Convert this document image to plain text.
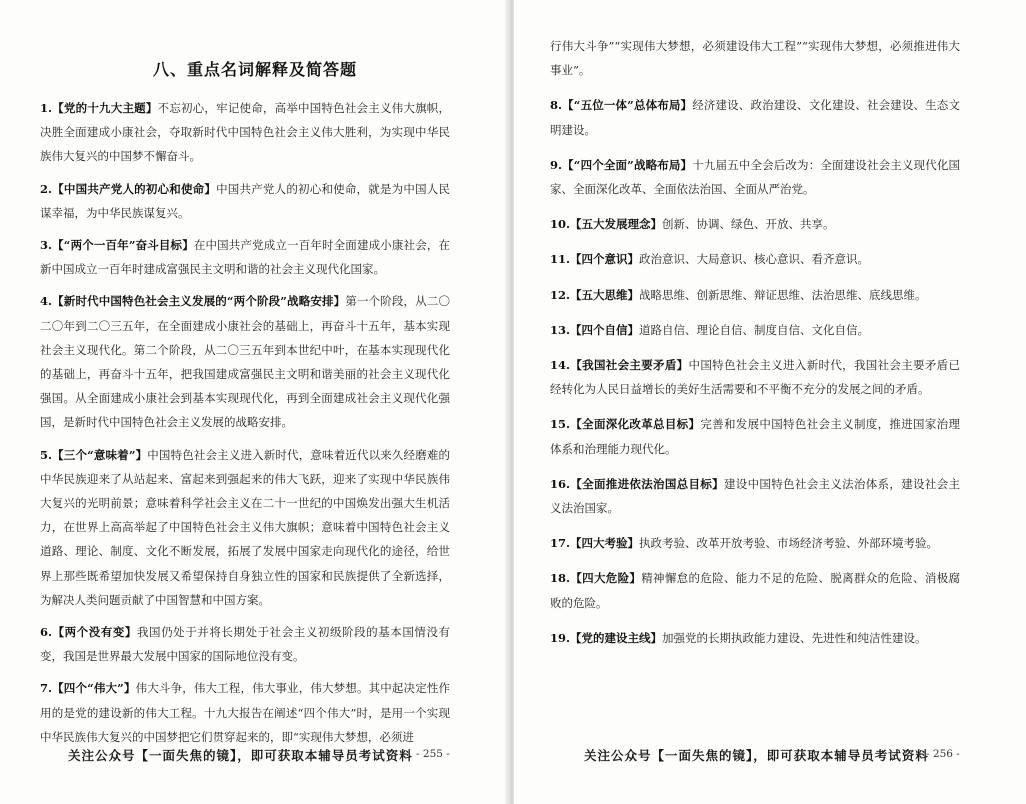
八、重点名词解释及简答题

1.【党的十九大主题】不忘初心，牢记使命，高举中国特色社会主义伟大旗帜，决胜全面建成小康社会，夺取新时代中国特色社会主义伟大胜利，为实现中华民族伟大复兴的中国梦不懈奋斗。

2.【中国共产党人的初心和使命】中国共产党人的初心和使命，就是为中国人民谋幸福，为中华民族谋复兴。

3.【“两个一百年”奋斗目标】在中国共产党成立一百年时全面建成小康社会，在新中国成立一百年时建成富强民主文明和谐的社会主义现代化国家。

4.【新时代中国特色社会主义发展的“两个阶段”战略安排】第一个阶段，从二〇二〇年到二〇三五年，在全面建成小康社会的基础上，再奋斗十五年，基本实现社会主义现代化。第二个阶段，从二〇三五年到本世纪中叶，在基本实现现代化的基础上，再奋斗十五年，把我国建成富强民主文明和谐美丽的社会主义现代化强国。从全面建成小康社会到基本实现现代化，再到全面建成社会主义现代化强国，是新时代中国特色社会主义发展的战略安排。

5.【三个“意味着”】中国特色社会主义进入新时代，意味着近代以来久经磨难的中华民族迎来了从站起来、富起来到强起来的伟大飞跃，迎来了实现中华民族伟大复兴的光明前景；意味着科学社会主义在二十一世纪的中国焕发出强大生机活力，在世界上高高举起了中国特色社会主义伟大旗帜；意味着中国特色社会主义道路、理论、制度、文化不断发展，拓展了发展中国家走向现代化的途径，给世界上那些既希望加快发展又希望保持自身独立性的国家和民族提供了全新选择，为解决人类问题贡献了中国智慧和中国方案。

6.【两个没有变】我国仍处于并将长期处于社会主义初级阶段的基本国情没有变，我国是世界最大发展中国家的国际地位没有变。

7.【四个“伟大”】伟大斗争，伟大工程，伟大事业，伟大梦想。其中起决定性作用的是党的建设新的伟大工程。十九大报告在阐述“四个伟大”时，是用一个实现中华民族伟大复兴的中国梦把它们贯穿起来的，即“实现伟大梦想，必须进

关注公众号【一面失焦的镜】，即可获取本辅导员考试资料 - 255 -

行伟大斗争”“实现伟大梦想，必须建设伟大工程”“实现伟大梦想，必须推进伟大事业”。

8.【“五位一体”总体布局】经济建设、政治建设、文化建设、社会建设、生态文明建设。

9.【“四个全面”战略布局】十九届五中全会后改为：全面建设社会主义现代化国家、全面深化改革、全面依法治国、全面从严治党。

10.【五大发展理念】创新、协调、绿色、开放、共享。

11.【四个意识】政治意识、大局意识、核心意识、看齐意识。

12.【五大思维】战略思维、创新思维、辩证思维、法治思维、底线思维。

13.【四个自信】道路自信、理论自信、制度自信、文化自信。

14.【我国社会主要矛盾】中国特色社会主义进入新时代，我国社会主要矛盾已经转化为人民日益增长的美好生活需要和不平衡不充分的发展之间的矛盾。

15.【全面深化改革总目标】完善和发展中国特色社会主义制度，推进国家治理体系和治理能力现代化。

16.【全面推进依法治国总目标】建设中国特色社会主义法治体系，建设社会主义法治国家。

17.【四大考验】执政考验、改革开放考验、市场经济考验、外部环境考验。

18.【四大危险】精神懈怠的危险、能力不足的危险、脱离群众的危险、消极腐败的危险。

19.【党的建设主线】加强党的长期执政能力建设、先进性和纯洁性建设。

关注公众号【一面失焦的镜】，即可获取本辅导员考试资料
- 256 -
